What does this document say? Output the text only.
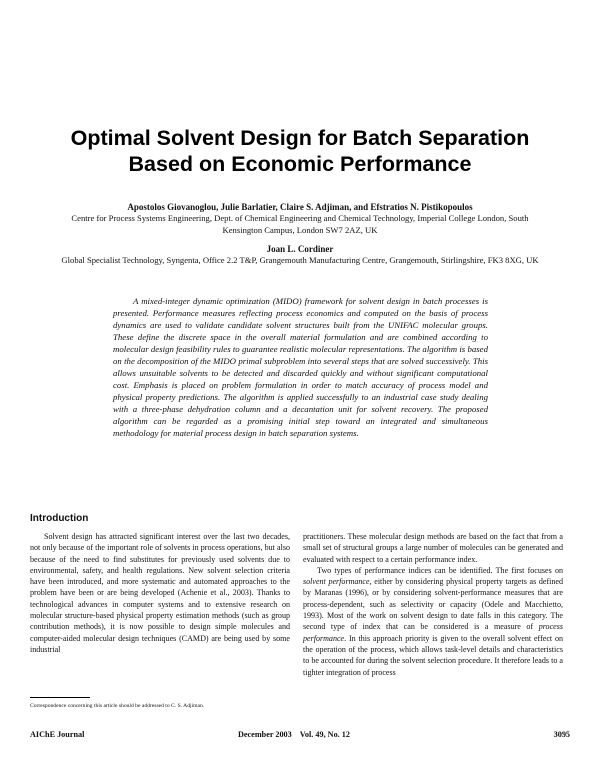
Optimal Solvent Design for Batch Separation
Based on Economic Performance
Apostolos Giovanoglou, Julie Barlatier, Claire S. Adjiman, and Efstratios N. Pistikopoulos
Centre for Process Systems Engineering, Dept. of Chemical Engineering and Chemical Technology, Imperial College London, South Kensington Campus, London SW7 2AZ, UK
Joan L. Cordiner
Global Specialist Technology, Syngenta, Office 2.2 T&P, Grangemouth Manufacturing Centre, Grangemouth, Stirlingshire, FK3 8XG, UK
A mixed-integer dynamic optimization (MIDO) framework for solvent design in batch processes is presented. Performance measures reflecting process economics and computed on the basis of process dynamics are used to validate candidate solvent structures built from the UNIFAC molecular groups. These define the discrete space in the overall material formulation and are combined according to molecular design feasibility rules to guarantee realistic molecular representations. The algorithm is based on the decomposition of the MIDO primal subproblem into several steps that are solved successively. This allows unsuitable solvents to be detected and discarded quickly and without significant computational cost. Emphasis is placed on problem formulation in order to match accuracy of process model and physical property predictions. The algorithm is applied successfully to an industrial case study dealing with a three-phase dehydration column and a decantation unit for solvent recovery. The proposed algorithm can be regarded as a promising initial step toward an integrated and simultaneous methodology for material process design in batch separation systems.
Introduction

Solvent design has attracted significant interest over the last two decades, not only because of the important role of solvents in process operations, but also because of the need to find substitutes for previously used solvents due to environmental, safety, and health regulations. New solvent selection criteria have been introduced, and more systematic and automated approaches to the problem have been or are being developed (Achenie et al., 2003). Thanks to technological advances in computer systems and to extensive research on molecular structure-based physical property estimation methods (such as group contribution methods), it is now possible to design simple molecules and computer-aided molecular design techniques (CAMD) are being used by some industrial

practitioners. These molecular design methods are based on the fact that from a small set of structural groups a large number of molecules can be generated and evaluated with respect to a certain performance index.

Two types of performance indices can be identified. The first focuses on solvent performance, either by considering physical property targets as defined by Maranas (1996), or by considering solvent-performance measures that are process-dependent, such as selectivity or capacity (Odele and Macchietto, 1993). Most of the work on solvent design to date falls in this category. The second type of index that can be considered is a measure of process performance. In this approach priority is given to the overall solvent effect on the operation of the process, which allows task-level details and characteristics to be accounted for during the solvent selection procedure. It therefore leads to a tighter integration of process

Correspondence concerning this article should be addressed to C. S. Adjiman.
AIChE Journal	December 2003    Vol. 49, No. 12	3095
